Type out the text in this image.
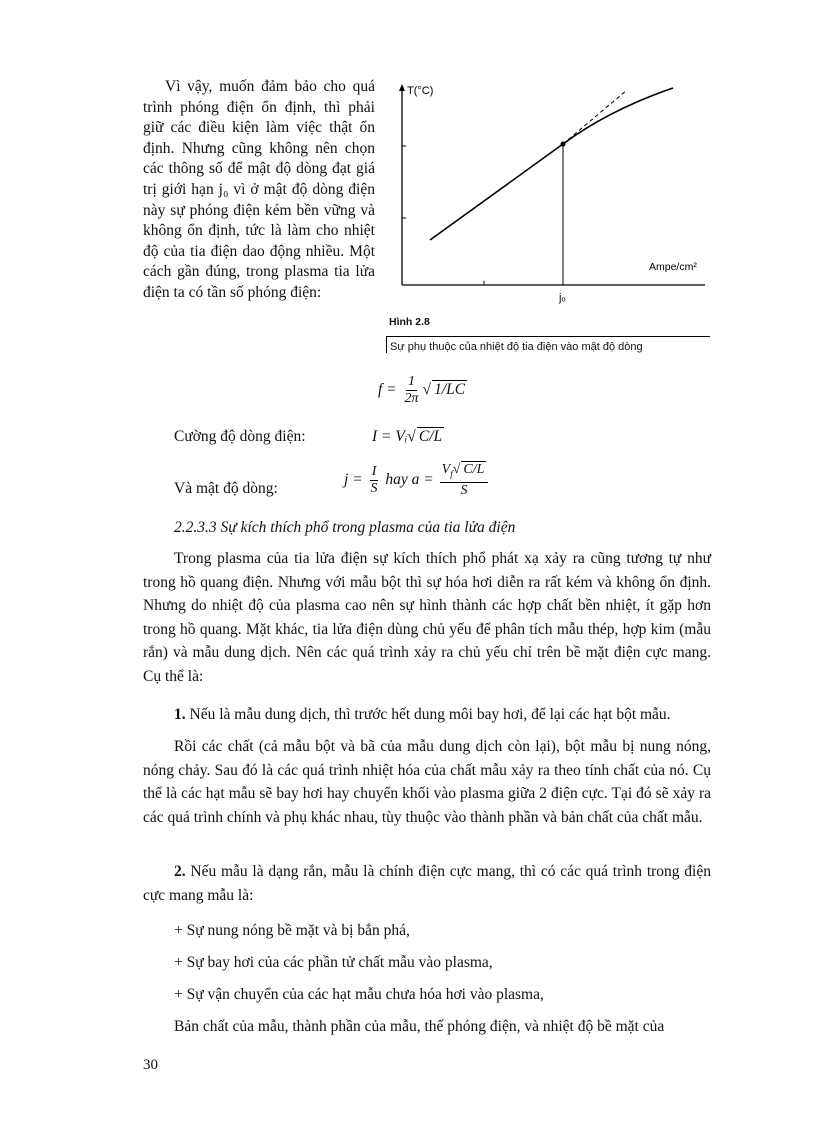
Vì vậy, muốn đảm bảo cho quá trình phóng điện ổn định, thì phải giữ các điều kiện làm việc thật ổn định. Nhưng cũng không nên chọn các thông số để mật độ dòng đạt giá trị giới hạn j₀ vì ở mật độ dòng điện này sự phóng điện kém bền vững và không ổn định, tức là làm cho nhiệt độ của tia điện dao động nhiều. Một cách gần đúng, trong plasma tia lửa điện ta có tần số phóng điện:

T(°C)
Ampe/cm²
jₒ
Hình 2.8
Sự phụ thuộc của nhiệt độ tia điện vào mật độ dòng
$f = \frac{1}{2\pi}$ √ 1/LC
Cường độ dòng điện:	I = Vᵢ√ C/L
Và mật độ dòng:
$j = \frac{I}{S}$ hay $a = \frac{V_f√ C/L}{S}$

2.2.3.3 Sự kích thích phổ trong plasma của tia lửa điện

Trong plasma của tia lửa điện sự kích thích phổ phát xạ xảy ra cũng tương tự như trong hồ quang điện. Nhưng với mẫu bột thì sự hóa hơi diễn ra rất kém và không ổn định. Nhưng do nhiệt độ của plasma cao nên sự hình thành các hợp chất bền nhiệt, ít gặp hơn trong hồ quang. Mặt khác, tia lửa điện dùng chủ yếu để phân tích mẫu thép, hợp kim (mẫu rắn) và mẫu dung dịch. Nên các quá trình xảy ra chủ yếu chỉ trên bề mặt điện cực mang. Cụ thể là:

1. Nếu là mẫu dung dịch, thì trước hết dung môi bay hơi, để lại các hạt bột mẫu.

Rồi các chất (cả mẫu bột và bã của mẫu dung dịch còn lại), bột mẫu bị nung nóng, nóng chảy. Sau đó là các quá trình nhiệt hóa của chất mẫu xảy ra theo tính chất của nó. Cụ thể là các hạt mẫu sẽ bay hơi hay chuyển khối vào plasma giữa 2 điện cực. Tại đó sẽ xảy ra các quá trình chính và phụ khác nhau, tùy thuộc vào thành phần và bản chất của chất mẫu.

2. Nếu mẫu là dạng rắn, mẫu là chính điện cực mang, thì có các quá trình trong điện cực mang mẫu là:

+ Sự nung nóng bề mặt và bị bắn phá,

+ Sự bay hơi của các phần tử chất mẫu vào plasma,

+ Sự vận chuyển của các hạt mẫu chưa hóa hơi vào plasma,

Bản chất của mẫu, thành phần của mẫu, thế phóng điện, và nhiệt độ bề mặt của

30
